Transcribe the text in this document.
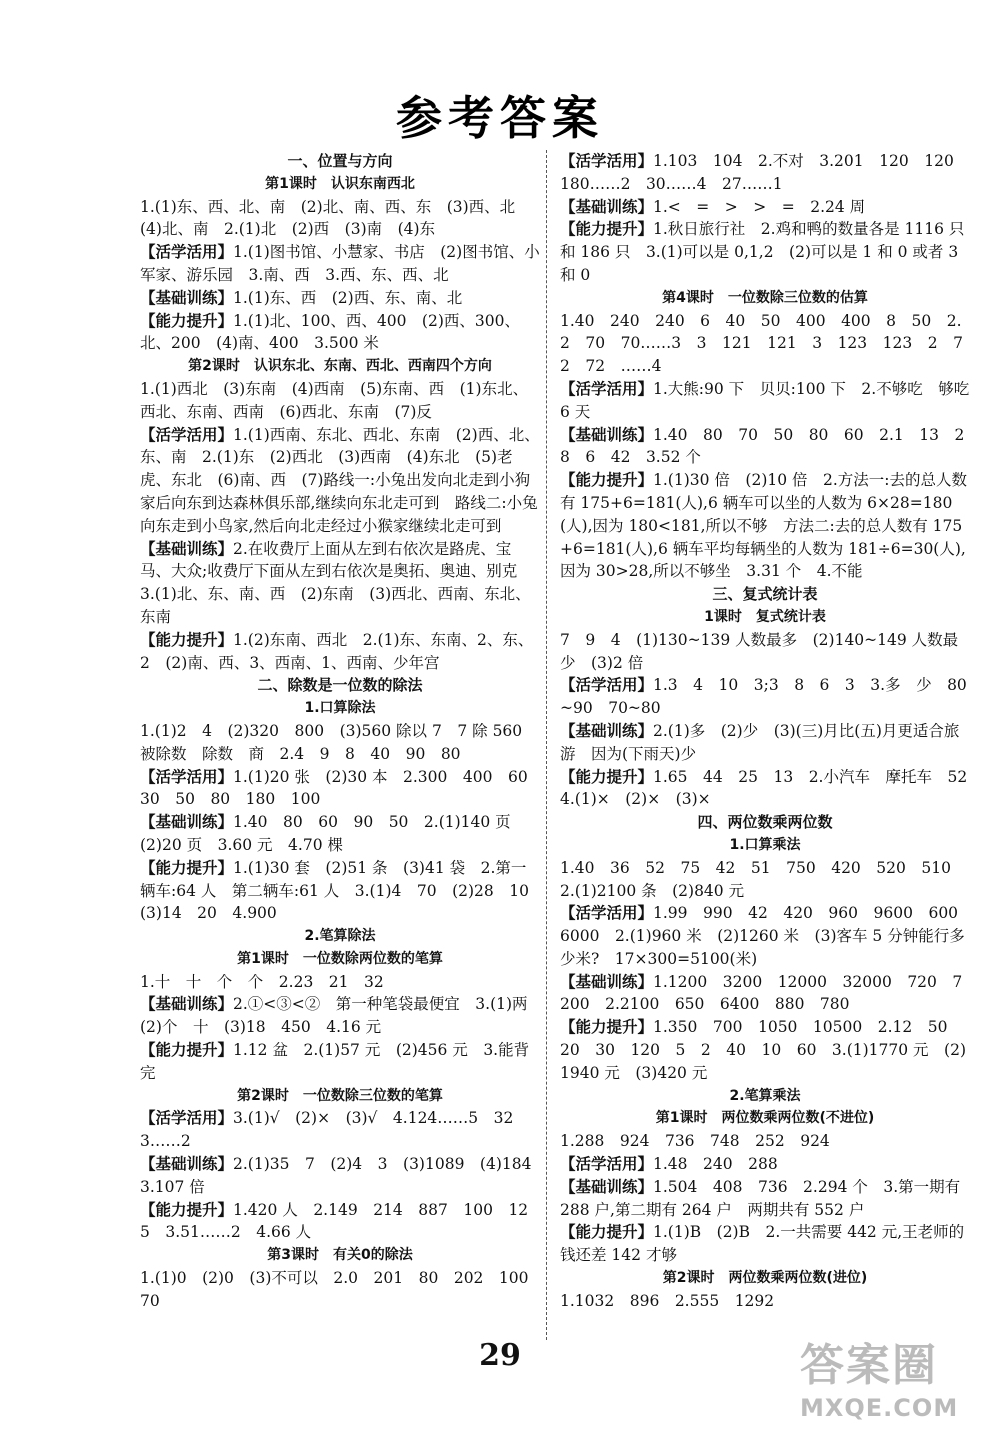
参考答案
一、位置与方向
第1课时　认识东南西北
1.(1)东、西、北、南　(2)北、南、西、东　(3)西、北　(4)北、南　2.(1)北　(2)西　(3)南　(4)东
【活学活用】1.(1)图书馆、小慧家、书店　(2)图书馆、小军家、游乐园　3.南、西　3.西、东、西、北
【基础训练】1.(1)东、西　(2)西、东、南、北
【能力提升】1.(1)北、100、西、400　(2)西、300、北、200　(4)南、400　3.500 米
第2课时　认识东北、东南、西北、西南四个方向
1.(1)西北　(3)东南　(4)西南　(5)东南、西　(1)东北、西北、东南、西南　(6)西北、东南　(7)反
【活学活用】1.(1)西南、东北、西北、东南　(2)西、北、东、南　2.(1)东　(2)西北　(3)西南　(4)东北　(5)老虎、东北　(6)南、西　(7)路线一:小兔出发向北走到小狗家后向东到达森林俱乐部,继续向东北走可到　路线二:小兔向东走到小鸟家,然后向北走经过小猴家继续北走可到
【基础训练】2.在收费厅上面从左到右依次是路虎、宝马、大众;收费厅下面从左到右依次是奥拓、奥迪、别克　3.(1)北、东、南、西　(2)东南　(3)西北、西南、东北、东南
【能力提升】1.(2)东南、西北　2.(1)东、东南、2、东、2　(2)南、西、3、西南、1、西南、少年宫
二、除数是一位数的除法
1.口算除法
1.(1)2　4　(2)320　800　(3)560 除以 7　7 除 560　被除数　除数　商　2.4　9　8　40　90　80
【活学活用】1.(1)20 张　(2)30 本　2.300　400　60　30　50　80　180　100
【基础训练】1.40　80　60　90　50　2.(1)140 页　(2)20 页　3.60 元　4.70 棵
【能力提升】1.(1)30 套　(2)51 条　(3)41 袋　2.第一辆车:64 人　第二辆车:61 人　3.(1)4　70　(2)28　10　(3)14　20　4.900
2.笔算除法
第1课时　一位数除两位数的笔算
1.十　十　个　个　2.23　21　32
【基础训练】2.①<③<②　第一种笔袋最便宜　3.(1)两　(2)个　十　(3)18　450　4.16 元
【能力提升】1.12 盆　2.(1)57 元　(2)456 元　3.能背完
第2课时　一位数除三位数的笔算
【活学活用】3.(1)√　(2)×　(3)√　4.124……5　323……2
【基础训练】2.(1)35　7　(2)4　3　(3)1089　(4)184　3.107 倍
【能力提升】1.420 人　2.149　214　887　100　12　5　3.51……2　4.66 人
第3课时　有关0的除法
1.(1)0　(2)0　(3)不可以　2.0　201　80　202　100　70
【活学活用】1.103　104　2.不对　3.201　120　120　180……2　30……4　27……1
【基础训练】1.<　=　>　>　=　2.24 周
【能力提升】1.秋日旅行社　2.鸡和鸭的数量各是 1116 只和 186 只　3.(1)可以是 0,1,2　(2)可以是 1 和 0 或者 3 和 0
第4课时　一位数除三位数的估算
1.40　240　240　6　40　50　400　400　8　50　2.2　70　70……3　3　121　121　3　123　123　2　72　72　……4
【活学活用】1.大熊:90 下　贝贝:100 下　2.不够吃　够吃 6 天
【基础训练】1.40　80　70　50　80　60　2.1　13　2　8　6　42　3.52 个
【能力提升】1.(1)30 倍　(2)10 倍　2.方法一:去的总人数有 175+6=181(人),6 辆车可以坐的人数为 6×28=180(人),因为 180<181,所以不够　方法二:去的总人数有 175+6=181(人),6 辆车平均每辆坐的人数为 181÷6=30(人),因为 30>28,所以不够坐　3.31 个　4.不能
三、复式统计表
1课时　复式统计表
7　9　4　(1)130~139 人数最多　(2)140~149 人数最少　(3)2 倍
【活学活用】1.3　4　10　3;3　8　6　3　3.多　少　80~90　70~80
【基础训练】2.(1)多　(2)少　(3)(三)月比(五)月更适合旅游　因为(下雨天)少
【能力提升】1.65　44　25　13　2.小汽车　摩托车　52　4.(1)×　(2)×　(3)×
四、两位数乘两位数
1.口算乘法
1.40　36　52　75　42　51　750　420　520　510　2.(1)2100 条　(2)840 元
【活学活用】1.99　990　42　420　960　9600　600　6000　2.(1)960 米　(2)1260 米　(3)客车 5 分钟能行多少米?　17×300=5100(米)
【基础训练】1.1200　3200　12000　32000　720　7200　2.2100　650　6400　880　780
【能力提升】1.350　700　1050　10500　2.12　50　20　30　120　5　2　40　10　60　3.(1)1770 元　(2)1940 元　(3)420 元
2.笔算乘法
第1课时　两位数乘两位数(不进位)
1.288　924　736　748　252　924
【活学活用】1.48　240　288
【基础训练】1.504　408　736　2.294 个　3.第一期有 288 户,第二期有 264 户　两期共有 552 户
【能力提升】1.(1)B　(2)B　2.一共需要 442 元,王老师的钱还差 142 才够
第2课时　两位数乘两位数(进位)
1.1032　896　2.555　1292
29	答案圈
MXQE.COM
